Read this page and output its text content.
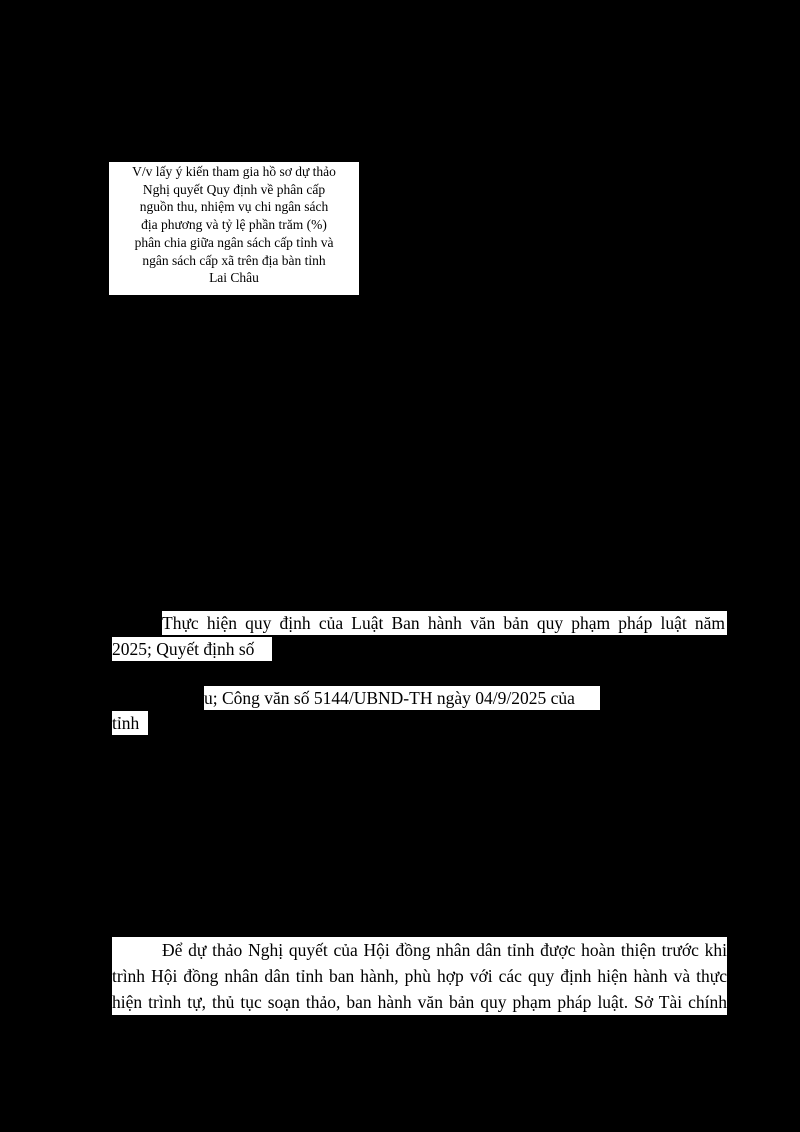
V/v lấy ý kiến tham gia hồ sơ dự thảo
Nghị quyết Quy định về phân cấp
nguồn thu, nhiệm vụ chi ngân sách
địa phương và tỷ lệ phần trăm (%)
phân chia giữa ngân sách cấp tỉnh và
ngân sách cấp xã trên địa bàn tỉnh
Lai Châu
Thực hiện quy định của Luật Ban hành văn bản quy phạm pháp luật năm
2025; Quyết định số
u; Công văn số 5144/UBND-TH ngày 04/9/2025 của
tỉnh
Để dự thảo Nghị quyết của Hội đồng nhân dân tỉnh được hoàn thiện trước khi
trình Hội đồng nhân dân tỉnh ban hành, phù hợp với các quy định hiện hành và thực
hiện trình tự, thủ tục soạn thảo, ban hành văn bản quy phạm pháp luật. Sở Tài chính
